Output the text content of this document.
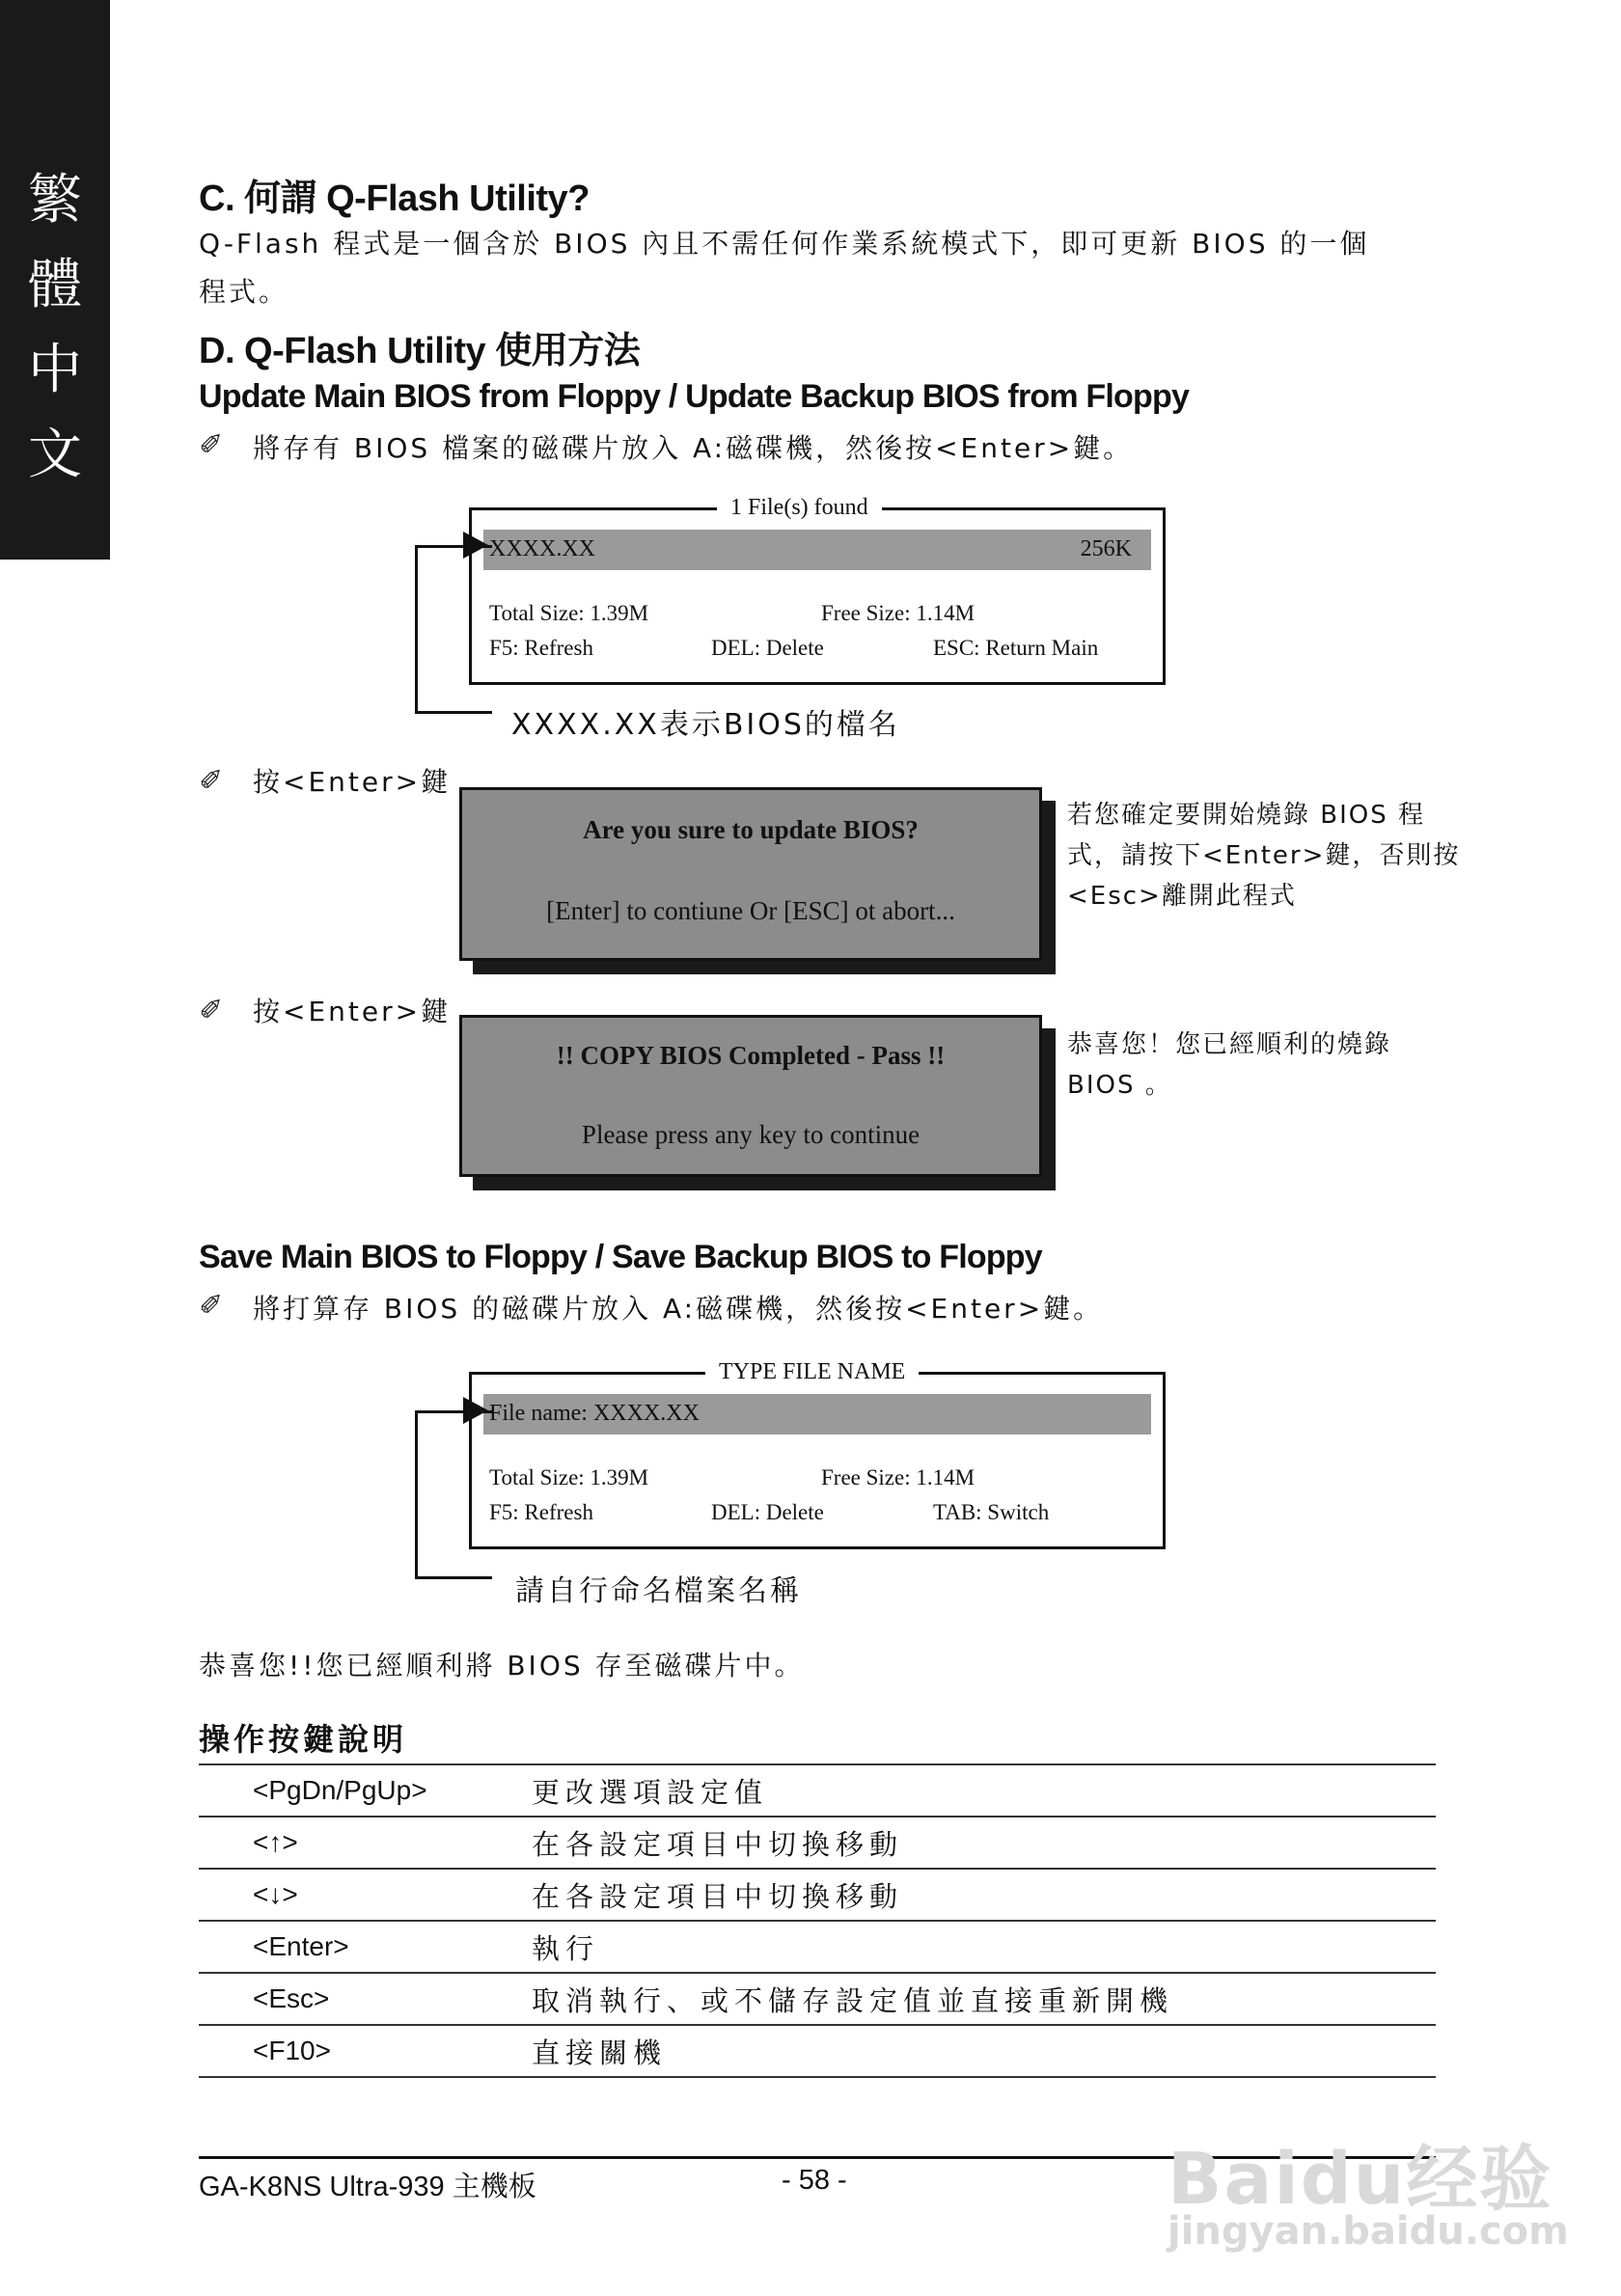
繁
體
中
文
C. 何謂 Q-Flash Utility?
Q-Flash 程式是一個含於 BIOS 內且不需任何作業系統模式下，即可更新 BIOS 的一個
程式。
D. Q-Flash Utility 使用方法
Update Main BIOS from Floppy / Update Backup BIOS from Floppy
✐ 將存有 BIOS 檔案的磁碟片放入 A:磁碟機，然後按<Enter>鍵。
1 File(s) found
XXXX.XX	256K
Total Size: 1.39M	Free Size: 1.14M
F5: Refresh	DEL: Delete	ESC: Return Main
XXXX.XX表示BIOS的檔名
✐ 按<Enter>鍵
Are you sure to update BIOS?
[Enter] to contiune Or [ESC] ot abort...
若您確定要開始燒錄 BIOS 程
式，請按下<Enter>鍵，否則按
<Esc>離開此程式
✐ 按<Enter>鍵
!! COPY BIOS Completed - Pass !!
Please press any key to continue
恭喜您！您已經順利的燒錄
BIOS 。
Save Main BIOS to Floppy / Save Backup BIOS to Floppy
✐ 將打算存 BIOS 的磁碟片放入 A:磁碟機，然後按<Enter>鍵。
TYPE FILE NAME
File name: XXXX.XX
Total Size: 1.39M	Free Size: 1.14M
F5: Refresh	DEL: Delete	TAB: Switch
請自行命名檔案名稱
恭喜您!!您已經順利將 BIOS 存至磁碟片中。
操作按鍵說明
<PgDn/PgUp>	更改選項設定值
<↑>	在各設定項目中切換移動
<↓>	在各設定項目中切換移動
<Enter>	執行
<Esc>	取消執行、或不儲存設定值並直接重新開機
<F10>	直接關機
GA-K8NS Ultra-939 主機板	- 58 -	Baidu经验
jingyan.baidu.com
